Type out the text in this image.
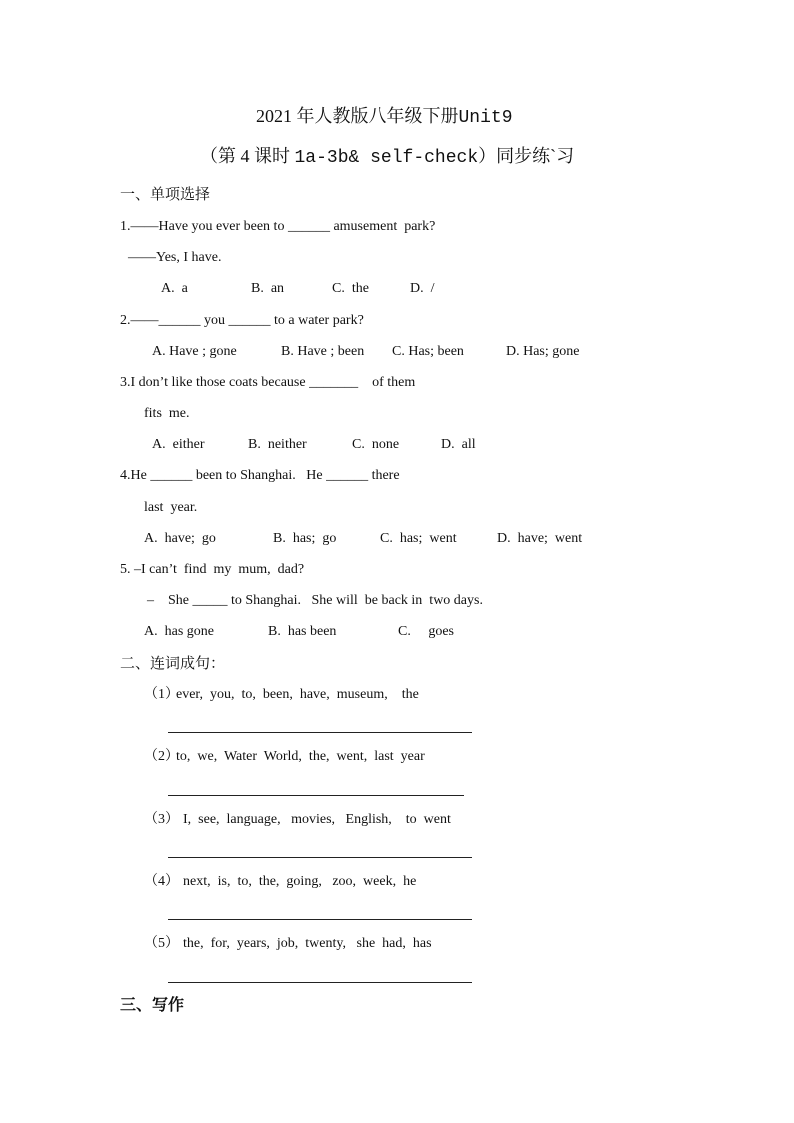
2021 年人教版八年级下册Unit9
（第 4 课时 1a-3b& self-check）同步练`习
一、单项选择
1.——Have you ever been to ______ amusement  park?
——Yes, I have.
A.  a	B.  an	C.  the	D.  /
2.——______ you ______ to a water park?
A. Have ; gone	B. Have ; been C. Has; been	D. Has; gone
3.I don’t like those coats because _______    of them
fits  me.
A.  either	B.  neither	C.  none	D.  all
4.He ______ been to Shanghai.   He ______ there
last  year.
A.  have;  go	B.  has;  go	C.  has;  went	D.  have;  went
5. –I can’t  find  my  mum,  dad?
– She _____ to Shanghai.   She will  be back in  two days.
A.  has gone	B.  has been	C.     goes
二、连词成句：
（1）
ever,  you,  to,  been,  have,  museum,    the
（2）
to,  we,  Water  World,  the,  went,  last  year
（3）
I,  see,  language,   movies,   English,    to  went
（4）
next,  is,  to,  the,  going,   zoo,  week,  he
（5）
the,  for,  years,  job,  twenty,   she  had,  has
三、写作
